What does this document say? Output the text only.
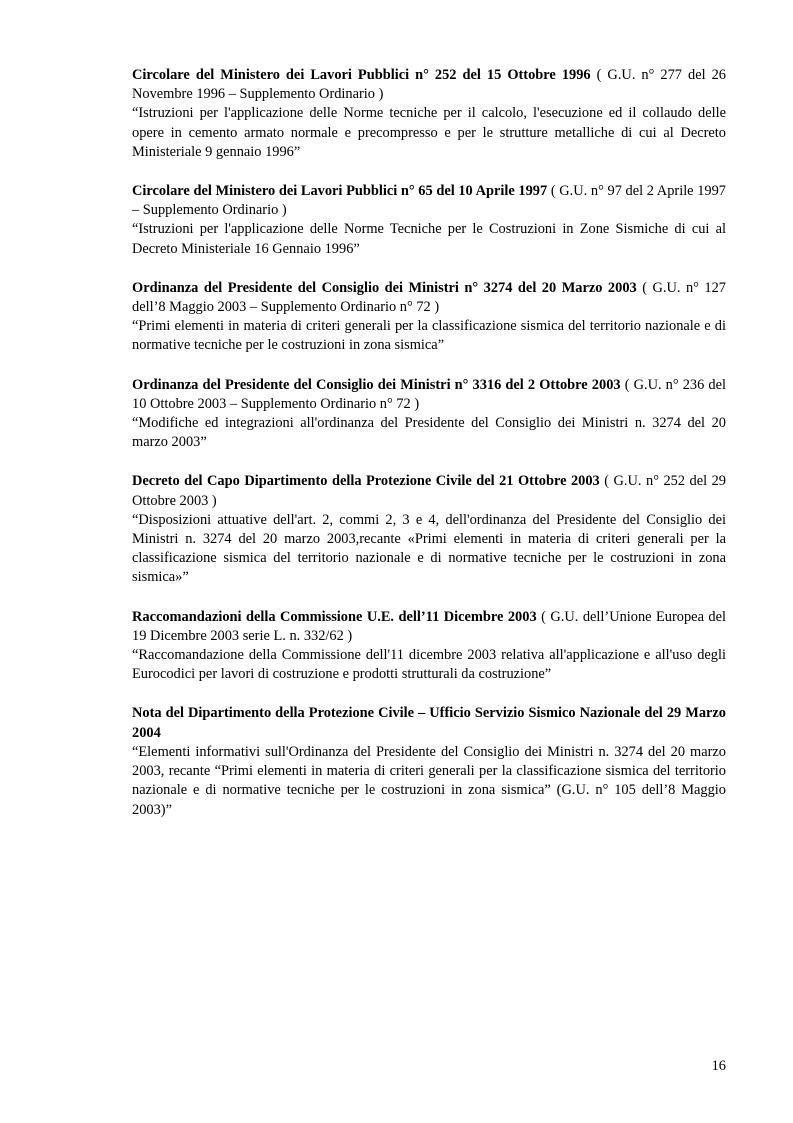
Circolare del Ministero dei Lavori Pubblici n° 252 del 15 Ottobre 1996 ( G.U. n° 277 del 26 Novembre 1996 – Supplemento Ordinario )
“Istruzioni per l'applicazione delle Norme tecniche per il calcolo, l'esecuzione ed il collaudo delle opere in cemento armato normale e precompresso e per le strutture metalliche di cui al Decreto Ministeriale 9 gennaio 1996”
Circolare del Ministero dei Lavori Pubblici n° 65 del 10 Aprile 1997 ( G.U. n° 97 del 2 Aprile 1997 – Supplemento Ordinario )
“Istruzioni per l'applicazione delle Norme Tecniche per le Costruzioni in Zone Sismiche di cui al Decreto Ministeriale 16 Gennaio 1996”
Ordinanza del Presidente del Consiglio dei Ministri n° 3274 del 20 Marzo 2003 ( G.U. n° 127 dell’8 Maggio 2003 – Supplemento Ordinario n° 72 )
“Primi elementi in materia di criteri generali per la classificazione sismica del territorio nazionale e di normative tecniche per le costruzioni in zona sismica”
Ordinanza del Presidente del Consiglio dei Ministri n° 3316 del 2 Ottobre 2003 ( G.U. n° 236 del 10 Ottobre 2003 – Supplemento Ordinario n° 72 )
“Modifiche ed integrazioni all'ordinanza del Presidente del Consiglio dei Ministri n. 3274 del 20 marzo 2003”
Decreto del Capo Dipartimento della Protezione Civile del 21 Ottobre 2003 ( G.U. n° 252 del 29 Ottobre 2003 )
“Disposizioni attuative dell'art. 2, commi 2, 3 e 4, dell'ordinanza del Presidente del Consiglio dei Ministri n. 3274 del 20 marzo 2003,recante «Primi elementi in materia di criteri generali per la classificazione sismica del territorio nazionale e di normative tecniche per le costruzioni in zona sismica»”
Raccomandazioni della Commissione U.E. dell’11 Dicembre 2003 ( G.U. dell’Unione Europea del 19 Dicembre 2003 serie L. n. 332/62 )
“Raccomandazione della Commissione dell'11 dicembre 2003 relativa all'applicazione e all'uso degli Eurocodici per lavori di costruzione e prodotti strutturali da costruzione”
Nota del Dipartimento della Protezione Civile – Ufficio Servizio Sismico Nazionale del 29 Marzo 2004
“Elementi informativi sull'Ordinanza del Presidente del Consiglio dei Ministri n. 3274 del 20 marzo 2003, recante “Primi elementi in materia di criteri generali per la classificazione sismica del territorio nazionale e di normative tecniche per le costruzioni in zona sismica” (G.U. n° 105 dell’8 Maggio 2003)”
16
